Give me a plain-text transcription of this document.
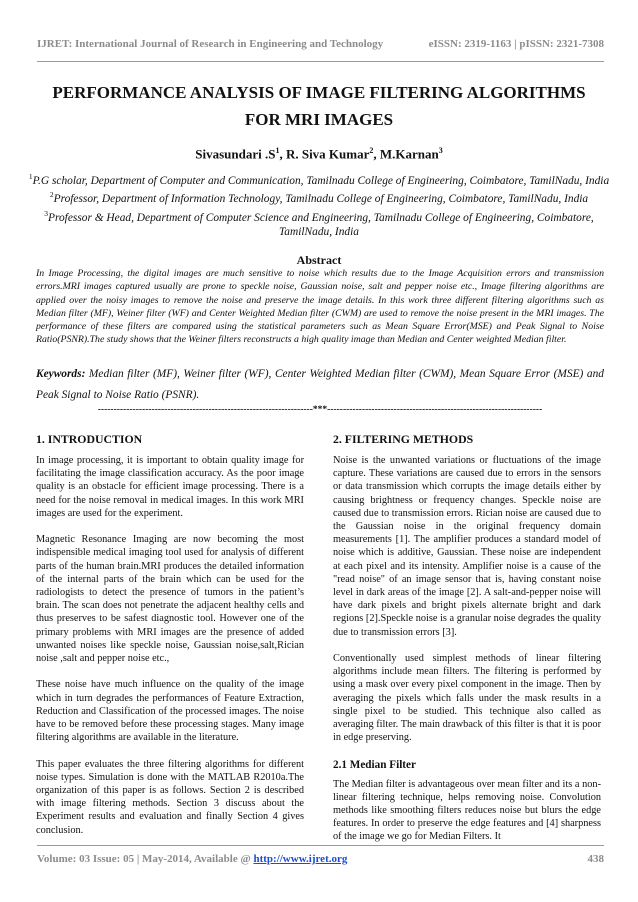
IJRET: International Journal of Research in Engineering and Technology	eISSN: 2319-1163 | pISSN: 2321-7308
PERFORMANCE ANALYSIS OF IMAGE FILTERING ALGORITHMS
FOR MRI IMAGES
Sivasundari $.S^1$, R. Siva Kumar$^2$, M.Karnan$^3$
$^1$P.G scholar, Department of Computer and Communication, Tamilnadu College of Engineering, Coimbatore, TamilNadu, India
$^2$Professor, Department of Information Technology, Tamilnadu College of Engineering, Coimbatore, TamilNadu, India
$^3$Professor & Head, Department of Computer Science and Engineering, Tamilnadu College of Engineering, Coimbatore, TamilNadu, India
Abstract
In Image Processing, the digital images are much sensitive to noise which results due to the Image Acquisition errors and transmission errors.MRI images captured usually are prone to speckle noise, Gaussian noise, salt and pepper noise etc., Image filtering algorithms are applied over the noisy images to remove the noise and preserve the image details. In this work three different filtering algorithms such as Median filter (MF), Weiner filter (WF) and Center Weighted Median filter (CWM) are used to remove the noise present in the MRI images. The performance of these filters are compared using the statistical parameters such as Mean Square Error(MSE) and Peak Signal to Noise Ratio(PSNR).The study shows that the Weiner filters reconstructs a high quality image than Median and Center weighted Median filter.
Keywords: Median filter (MF), Weiner filter (WF), Center Weighted Median filter (CWM), Mean Square Error (MSE) and Peak Signal to Noise Ratio (PSNR).
--------------------------------------------------------------------***--------------------------------------------------------------------
1. INTRODUCTION

In image processing, it is important to obtain quality image for facilitating the image classification accuracy. As the poor image quality is an obstacle for efficient image processing. There is a need for the noise removal in medical images. In this work MRI images are used for the experiment.

Magnetic Resonance Imaging are now becoming the most indispensible medical imaging tool used for analysis of different parts of the human brain.MRI produces the detailed information of the internal parts of the brain which can be used for the radiologists to detect the presence of tumors in the patient’s brain. The scan does not penetrate the adjacent healthy cells and thus preserves to be safest diagnostic tool. However one of the primary problems with MRI images are the presence of added unwanted noises like speckle noise, Gaussian noise,salt,Rician noise ,salt and pepper noise etc.,

These noise have much influence on the quality of the image which in turn degrades the performances of Feature Extraction, Reduction and Classification of the processed images. The noise have to be removed before these processing stages. Many image filtering algorithms are available in the literature.

This paper evaluates the three filtering algorithms for different noise types. Simulation is done with the MATLAB R2010a.The organization of this paper is as follows. Section 2 is described with image filtering methods. Section 3 discuss about the Experiment results and evaluation and finally Section 4 gives conclusion.

2. FILTERING METHODS

Noise is the unwanted variations or fluctuations of the image capture. These variations are caused due to errors in the sensors or data transmission which corrupts the image details either by causing brightness or frequency changes. Speckle noise are caused due to transmission errors. Rician noise are caused due to the Gaussian noise in the original frequency domain measurements [1]. The amplifier produces a standard model of noise which is additive, Gaussian. These noise are independent at each pixel and its intensity. Amplifier noise is a cause of the "read noise" of an image sensor that is, having constant noise level in dark areas of the image [2]. A salt-and-pepper noise will have dark pixels and bright pixels alternate bright and dark regions [2].Speckle noise is a granular noise degrades the quality due to transmission errors [3].

Conventionally used simplest methods of linear filtering algorithms include mean filters. The filtering is performed by using a mask over every pixel component in the image. Then by averaging the pixels which falls under the mask results in a single pixel to be studied. This technique also called as averaging filter. The main drawback of this filter is that it is poor in edge preserving.

2.1 Median Filter

The Median filter is advantageous over mean filter and its a non-linear filtering technique, helps removing noise. Convolution methods like smoothing filters reduces noise but blurs the edge features. In order to preserve the edge features and [4] sharpness of the image we go for Median Filters. It

Volume: 03 Issue: 05 | May-2014, Available @ http://www.ijret.org	438
